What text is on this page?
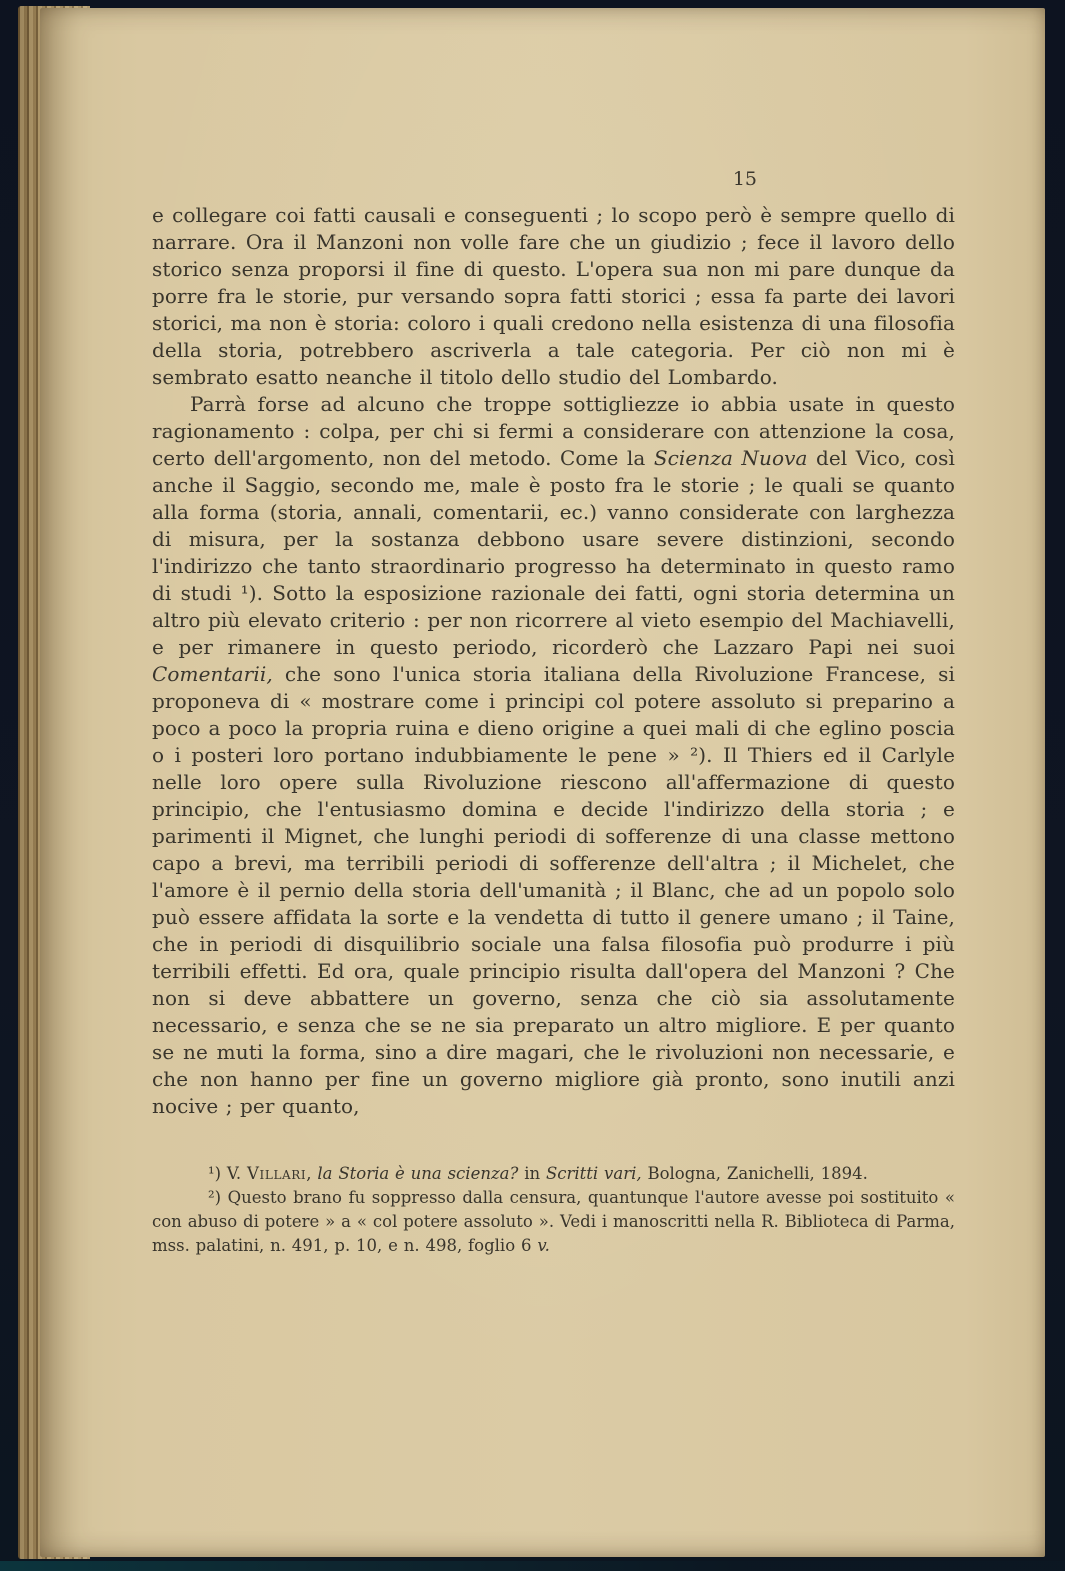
15

e collegare coi fatti causali e conseguenti ; lo scopo però è sempre quello di narrare. Ora il Manzoni non volle fare che un giudizio ; fece il lavoro dello storico senza proporsi il fine di questo. L'opera sua non mi pare dunque da porre fra le storie, pur versando sopra fatti storici ; essa fa parte dei lavori storici, ma non è storia: coloro i quali credono nella esistenza di una filosofia della storia, potrebbero ascriverla a tale categoria. Per ciò non mi è sembrato esatto neanche il titolo dello studio del Lombardo.

Parrà forse ad alcuno che troppe sottigliezze io abbia usate in questo ragionamento : colpa, per chi si fermi a considerare con attenzione la cosa, certo dell'argomento, non del metodo. Come la Scienza Nuova del Vico, così anche il Saggio, secondo me, male è posto fra le storie ; le quali se quanto alla forma (storia, annali, comentarii, ec.) vanno considerate con larghezza di misura, per la sostanza debbono usare severe distinzioni, secondo l'indirizzo che tanto straordinario progresso ha determinato in questo ramo di studi ¹). Sotto la esposizione razionale dei fatti, ogni storia determina un altro più elevato criterio : per non ricorrere al vieto esempio del Machiavelli, e per rimanere in questo periodo, ricorderò che Lazzaro Papi nei suoi Comentarii, che sono l'unica storia italiana della Rivoluzione Francese, si proponeva di « mostrare come i principi col potere assoluto si preparino a poco a poco la propria ruina e dieno origine a quei mali di che eglino poscia o i posteri loro portano indubbiamente le pene » ²). Il Thiers ed il Carlyle nelle loro opere sulla Rivoluzione riescono all'affermazione di questo principio, che l'entusiasmo domina e decide l'indirizzo della storia ; e parimenti il Mignet, che lunghi periodi di sofferenze di una classe mettono capo a brevi, ma terribili periodi di sofferenze dell'altra ; il Michelet, che l'amore è il pernio della storia dell'umanità ; il Blanc, che ad un popolo solo può essere affidata la sorte e la vendetta di tutto il genere umano ; il Taine, che in periodi di disquilibrio sociale una falsa filosofia può produrre i più terribili effetti. Ed ora, quale principio risulta dall'opera del Manzoni ? Che non si deve abbattere un governo, senza che ciò sia assolutamente necessario, e senza che se ne sia preparato un altro migliore. E per quanto se ne muti la forma, sino a dire magari, che le rivoluzioni non necessarie, e che non hanno per fine un governo migliore già pronto, sono inutili anzi nocive ; per quanto,

¹) V. Villari, la Storia è una scienza? in Scritti vari, Bologna, Zanichelli, 1894.

²) Questo brano fu soppresso dalla censura, quantunque l'autore avesse poi sostituito « con abuso di potere » a « col potere assoluto ». Vedi i manoscritti nella R. Biblioteca di Parma, mss. palatini, n. 491, p. 10, e n. 498, foglio 6 v.
